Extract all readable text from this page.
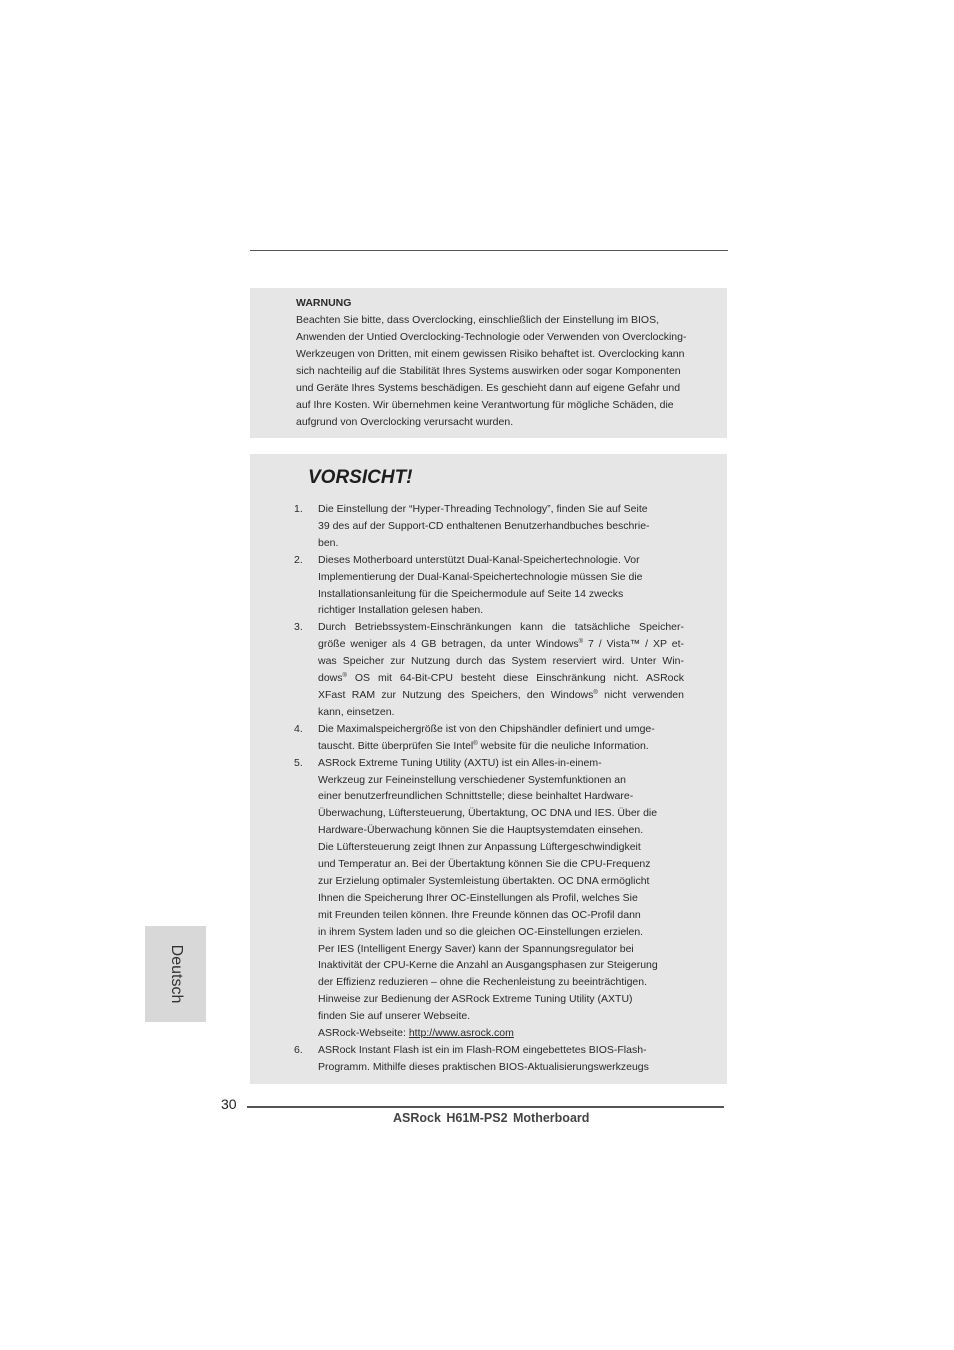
WARNUNG
Beachten Sie bitte, dass Overclocking, einschließlich der Einstellung im BIOS,
Anwenden der Untied Overclocking-Technologie oder Verwenden von Overclocking-
Werkzeugen von Dritten, mit einem gewissen Risiko behaftet ist. Overclocking kann
sich nachteilig auf die Stabilität Ihres Systems auswirken oder sogar Komponenten
und Geräte Ihres Systems beschädigen. Es geschieht dann auf eigene Gefahr und
auf Ihre Kosten. Wir übernehmen keine Verantwortung für mögliche Schäden, die
aufgrund von Overclocking verursacht wurden.
VORSICHT!
1. Die Einstellung der “Hyper-Threading Technology”, finden Sie auf Seite

39 des auf der Support-CD enthaltenen Benutzerhandbuches beschrie-

ben.

2. Dieses Motherboard unterstützt Dual-Kanal-Speichertechnologie. Vor

Implementierung der Dual-Kanal-Speichertechnologie müssen Sie die

Installationsanleitung für die Speichermodule auf Seite 14 zwecks

richtiger Installation gelesen haben.

3. Durch Betriebssystem-Einschränkungen kann die tatsächliche Speicher-

größe weniger als 4 GB betragen, da unter Windows® 7 / Vista™ / XP et-

was Speicher zur Nutzung durch das System reserviert wird. Unter Win-

dows® OS mit 64-Bit-CPU besteht diese Einschränkung nicht. ASRock

XFast RAM zur Nutzung des Speichers, den Windows® nicht verwenden

kann, einsetzen.

4. Die Maximalspeichergröße ist von den Chipshändler definiert und umge-

tauscht. Bitte überprüfen Sie Intel® website für die neuliche Information.

5. ASRock Extreme Tuning Utility (AXTU) ist ein Alles-in-einem-

Werkzeug zur Feineinstellung verschiedener Systemfunktionen an

einer benutzerfreundlichen Schnittstelle; diese beinhaltet Hardware-

Überwachung, Lüftersteuerung, Übertaktung, OC DNA und IES. Über die

Hardware-Überwachung können Sie die Hauptsystemdaten einsehen.

Die Lüftersteuerung zeigt Ihnen zur Anpassung Lüftergeschwindigkeit

und Temperatur an. Bei der Übertaktung können Sie die CPU-Frequenz

zur Erzielung optimaler Systemleistung übertakten. OC DNA ermöglicht

Ihnen die Speicherung Ihrer OC-Einstellungen als Profil, welches Sie

mit Freunden teilen können. Ihre Freunde können das OC-Profil dann

in ihrem System laden und so die gleichen OC-Einstellungen erzielen.

Per IES (Intelligent Energy Saver) kann der Spannungsregulator bei

Inaktivität der CPU-Kerne die Anzahl an Ausgangsphasen zur Steigerung

der Effizienz reduzieren – ohne die Rechenleistung zu beeinträchtigen.

Hinweise zur Bedienung der ASRock Extreme Tuning Utility (AXTU)

finden Sie auf unserer Webseite.

ASRock-Webseite: http://www.asrock.com

6. ASRock Instant Flash ist ein im Flash-ROM eingebettetes BIOS-Flash-

Programm. Mithilfe dieses praktischen BIOS-Aktualisierungswerkzeugs

Deutsch
30
ASRock H61M-PS2 Motherboard
